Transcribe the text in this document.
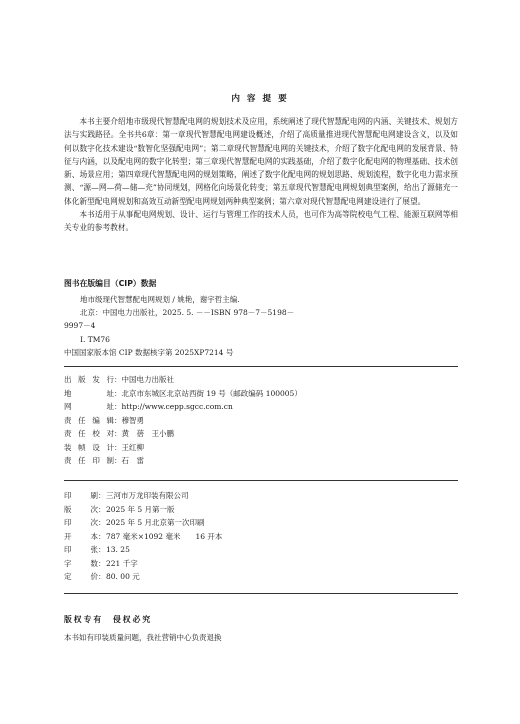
内 容 提 要

本书主要介绍地市级现代智慧配电网的规划技术及应用，系统阐述了现代智慧配电网的内涵、关键技术、规划方法与实践路径。全书共6章：第一章现代智慧配电网建设概述，介绍了高质量推进现代智慧配电网建设含义，以及如何以数字化技术建设“数智化坚强配电网”；第二章现代智慧配电网的关键技术，介绍了数字化配电网的发展背景、特征与内涵，以及配电网的数字化转型；第三章现代智慧配电网的实践基础，介绍了数字化配电网的物理基础、技术创新、场景应用；第四章现代智慧配电网的规划策略，阐述了数字化配电网的规划思路、规划流程，数字化电力需求预测、“源—网—荷—储—充”协同规划，网格化向场景化转变；第五章现代智慧配电网规划典型案例，给出了源储充一体化新型配电网规划和高效互动新型配电网规划两种典型案例；第六章对现代智慧配电网建设进行了展望。

本书适用于从事配电网规划、设计、运行与管理工作的技术人员，也可作为高等院校电气工程、能源互联网等相关专业的参考教材。

图书在版编目（CIP）数据
地市级现代智慧配电网规划 / 姚艳，谢宇哲主编.
北京：中国电力出版社，2025. 5. －－ISBN 978－7－5198－
9997－4
Ⅰ. TM76
中国国家版本馆 CIP 数据核字第 2025XP7214 号
出版发行 ： 中国电力出版社
地址 ： 北京市东城区北京站西街 19 号（邮政编码 100005）
网址 ： http://www.cepp.sgcc.com.cn
责任编辑 ： 穆智勇
责任校对 ： 黄　蓓　王小鹏
装帧设计 ： 王红柳
责任印制 ： 石　雷
印刷 ： 三河市万龙印装有限公司
版次 ： 2025 年 5 月第一版
印次 ： 2025 年 5 月北京第一次印刷
开本 ： 787 毫米×1092 毫米　　16 开本
印张 ： 13. 25
字数 ： 221 千字
定价 ： 80. 00 元
版权专有　侵权必究
本书如有印装质量问题，我社营销中心负责退换
